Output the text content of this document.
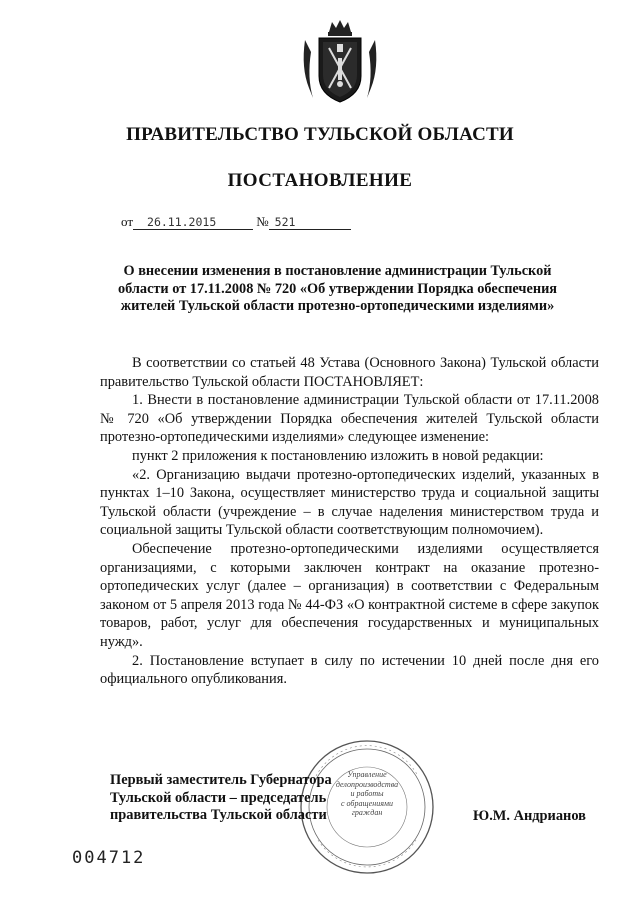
ПРАВИТЕЛЬСТВО ТУЛЬСКОЙ ОБЛАСТИ
ПОСТАНОВЛЕНИЕ
от 26.11.2015	№ 521
О внесении изменения в постановление администрации Тульской области от 17.11.2008 № 720 «Об утверждении Порядка обеспечения жителей Тульской области протезно-ортопедическими изделиями»

В соответствии со статьей 48 Устава (Основного Закона) Тульской области правительство Тульской области ПОСТАНОВЛЯЕТ:

1. Внести в постановление администрации Тульской области от 17.11.2008 № 720 «Об утверждении Порядка обеспечения жителей Тульской области протезно-ортопедическими изделиями» следующее изменение:

пункт 2 приложения к постановлению изложить в новой редакции:

«2. Организацию выдачи протезно-ортопедических изделий, указанных в пунктах 1–10 Закона, осуществляет министерство труда и социальной защиты Тульской области (учреждение – в случае наделения министерством труда и социальной защиты Тульской области соответствующим полномочием).

Обеспечение протезно-ортопедическими изделиями осуществляется организациями, с которыми заключен контракт на оказание протезно-ортопедических услуг (далее – организация) в соответствии с Федеральным законом от 5 апреля 2013 года № 44-ФЗ «О контрактной системе в сфере закупок товаров, работ, услуг для обеспечения государственных и муниципальных нужд».

2. Постановление вступает в силу по истечении 10 дней после дня его официального опубликования.

Управление
делопроизводства
и работы
с обращениями
граждан

Первый заместитель Губернатора

Тульской области – председатель

правительства Тульской области	Ю.М. Андрианов
004712
